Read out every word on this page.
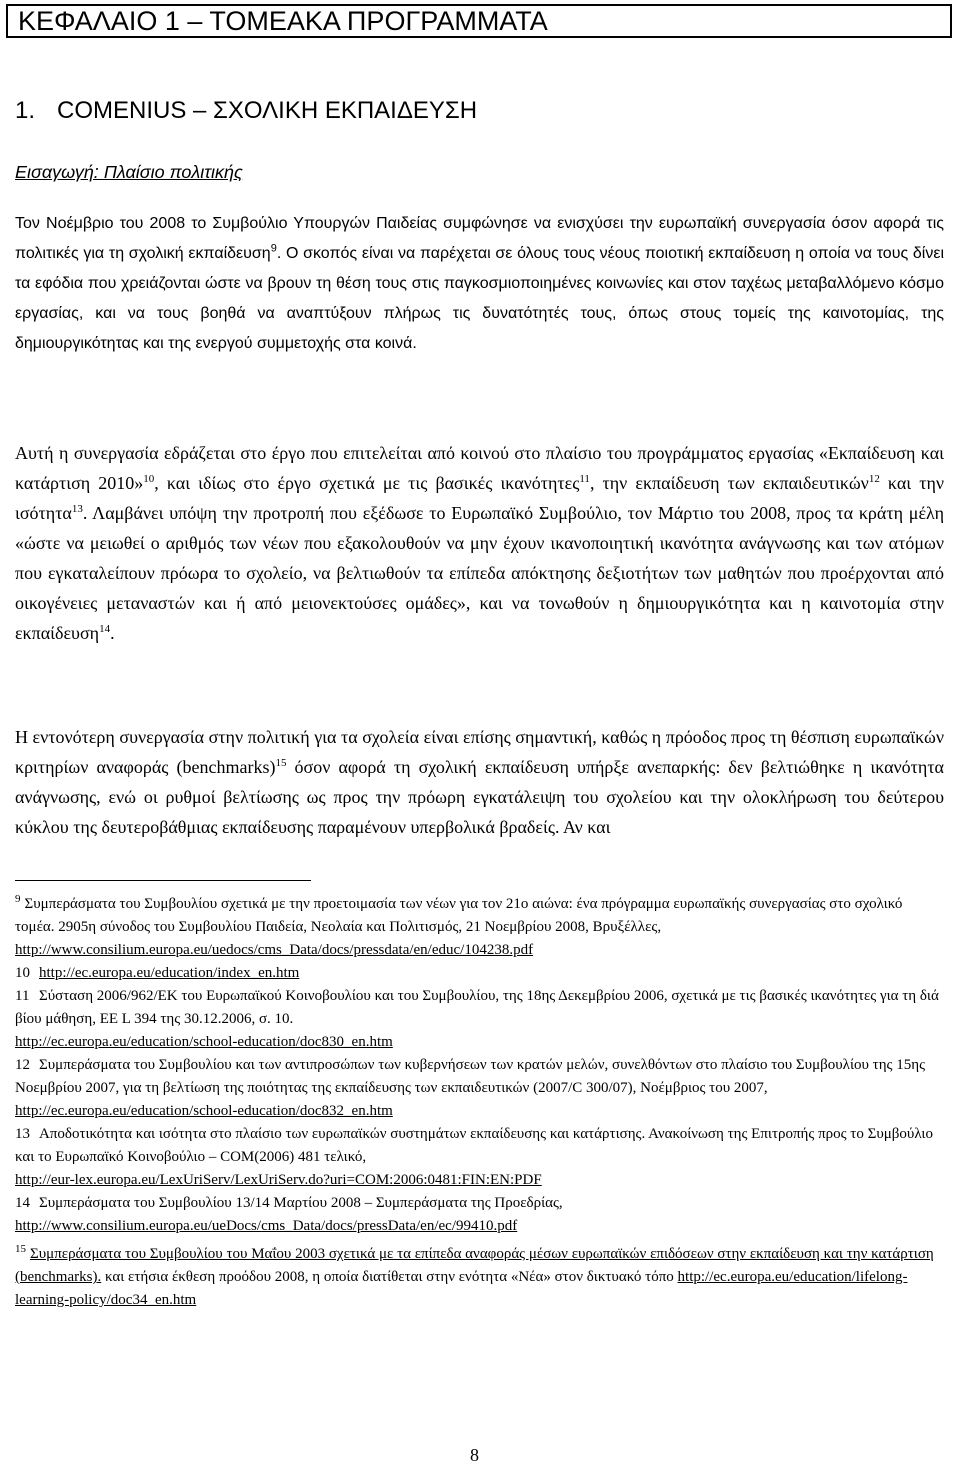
ΚΕΦΑΛΑΙΟ 1 – ΤΟΜΕΑΚΑ ΠΡΟΓΡΑΜΜΑΤΑ
1. COMENIUS – ΣΧΟΛΙΚΗ ΕΚΠΑΙΔΕΥΣΗ
Εισαγωγή: Πλαίσιο πολιτικής
Τον Νοέμβριο του 2008 το Συμβούλιο Υπουργών Παιδείας συμφώνησε να ενισχύσει την ευρωπαϊκή συνεργασία όσον αφορά τις πολιτικές για τη σχολική εκπαίδευση$^9$. Ο σκοπός είναι να παρέχεται σε όλους τους νέους ποιοτική εκπαίδευση η οποία να τους δίνει τα εφόδια που χρειάζονται ώστε να βρουν τη θέση τους στις παγκοσμιοποιημένες κοινωνίες και στον ταχέως μεταβαλλόμενο κόσμο εργασίας, και να τους βοηθά να αναπτύξουν πλήρως τις δυνατότητές τους, όπως στους τομείς της καινοτομίας, της δημιουργικότητας και της ενεργού συμμετοχής στα κοινά.
Αυτή η συνεργασία εδράζεται στο έργο που επιτελείται από κοινού στο πλαίσιο του προγράμματος εργασίας «Εκπαίδευση και κατάρτιση 2010»$^{10}$, και ιδίως στο έργο σχετικά με τις βασικές ικανότητες$^{11}$, την εκπαίδευση των εκπαιδευτικών$^{12}$ και την ισότητα$^{13}$. Λαμβάνει υπόψη την προτροπή που εξέδωσε το Ευρωπαϊκό Συμβούλιο, τον Μάρτιο του 2008, προς τα κράτη μέλη «ώστε να μειωθεί ο αριθμός των νέων που εξακολουθούν να μην έχουν ικανοποιητική ικανότητα ανάγνωσης και των ατόμων που εγκαταλείπουν πρόωρα το σχολείο, να βελτιωθούν τα επίπεδα απόκτησης δεξιοτήτων των μαθητών που προέρχονται από οικογένειες μεταναστών και ή από μειονεκτούσες ομάδες», και να τονωθούν η δημιουργικότητα και η καινοτομία στην εκπαίδευση$^{14}$.
Η εντονότερη συνεργασία στην πολιτική για τα σχολεία είναι επίσης σημαντική, καθώς η πρόοδος προς τη θέσπιση ευρωπαϊκών κριτηρίων αναφοράς (benchmarks)$^{15}$ όσον αφορά τη σχολική εκπαίδευση υπήρξε ανεπαρκής: δεν βελτιώθηκε η ικανότητα ανάγνωσης, ενώ οι ρυθμοί βελτίωσης ως προς την πρόωρη εγκατάλειψη του σχολείου και την ολοκλήρωση του δεύτερου κύκλου της δευτεροβάθμιας εκπαίδευσης παραμένουν υπερβολικά βραδείς. Αν και

$^9$ Συμπεράσματα του Συμβουλίου σχετικά με την προετοιμασία των νέων για τον 21ο αιώνα: ένα πρόγραμμα ευρωπαϊκής συνεργασίας στο σχολικό τομέα. 2905η σύνοδος του Συμβουλίου Παιδεία, Νεολαία και Πολιτισμός, 21 Νοεμβρίου 2008, Βρυξέλλες,
http://www.consilium.europa.eu/uedocs/cms_Data/docs/pressdata/en/educ/104238.pdf

10 http://ec.europa.eu/education/index_en.htm

11 Σύσταση 2006/962/ΕΚ του Ευρωπαϊκού Κοινοβουλίου και του Συμβουλίου, της 18ης Δεκεμβρίου 2006, σχετικά με τις βασικές ικανότητες για τη διά βίου μάθηση, ΕΕ L 394 της 30.12.2006, σ. 10.
http://ec.europa.eu/education/school-education/doc830_en.htm

12 Συμπεράσματα του Συμβουλίου και των αντιπροσώπων των κυβερνήσεων των κρατών μελών, συνελθόντων στο πλαίσιο του Συμβουλίου της 15ης Νοεμβρίου 2007, για τη βελτίωση της ποιότητας της εκπαίδευσης των εκπαιδευτικών (2007/C 300/07), Νοέμβριος του 2007, http://ec.europa.eu/education/school-education/doc832_en.htm

13 Αποδοτικότητα και ισότητα στο πλαίσιο των ευρωπαϊκών συστημάτων εκπαίδευσης και κατάρτισης. Ανακοίνωση της Επιτροπής προς το Συμβούλιο και το Ευρωπαϊκό Κοινοβούλιο – COM(2006) 481 τελικό,
http://eur-lex.europa.eu/LexUriServ/LexUriServ.do?uri=COM:2006:0481:FIN:EN:PDF

14 Συμπεράσματα του Συμβουλίου 13/14 Μαρτίου 2008 – Συμπεράσματα της Προεδρίας,
http://www.consilium.europa.eu/ueDocs/cms_Data/docs/pressData/en/ec/99410.pdf

$^{15}$ Συμπεράσματα του Συμβουλίου του Μαΐου 2003 σχετικά με τα επίπεδα αναφοράς μέσων ευρωπαϊκών επιδόσεων στην εκπαίδευση και την κατάρτιση (benchmarks). και ετήσια έκθεση προόδου 2008, η οποία διατίθεται στην ενότητα «Νέα» στον δικτυακό τόπο http://ec.europa.eu/education/lifelong-learning-policy/doc34_en.htm

8
